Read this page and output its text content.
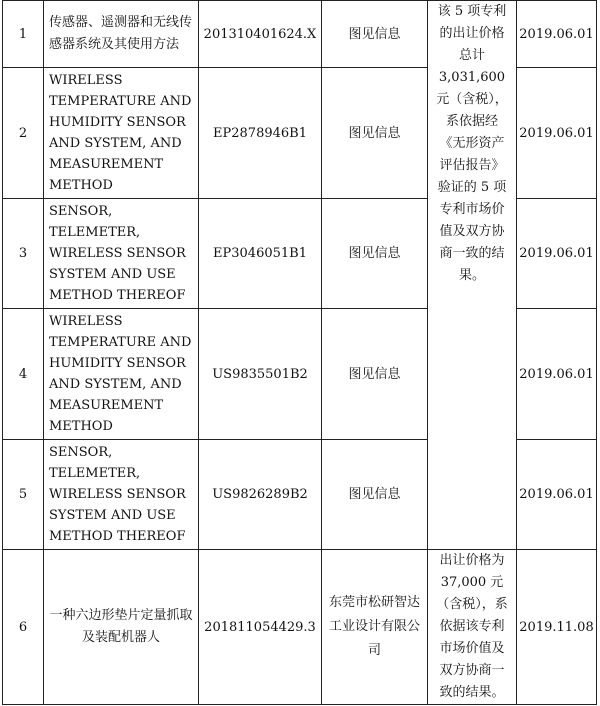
1	传感器、遥测器和无线传感器系统及其使用方法	201310401624.X	图见信息	该 5 项专利的出让价格总计 3,031,600 元（含税），系依据经《无形资产评估报告》验证的 5 项专利市场价值及双方协商一致的结果。	2019.06.01
2	WIRELESS TEMPERATURE AND HUMIDITY SENSOR AND SYSTEM, AND MEASUREMENT METHOD	EP2878946B1	图见信息		2019.06.01
3	SENSOR, TELEMETER, WIRELESS SENSOR SYSTEM AND USE METHOD THEREOF	EP3046051B1	图见信息		2019.06.01
4	WIRELESS TEMPERATURE AND HUMIDITY SENSOR AND SYSTEM, AND MEASUREMENT METHOD	US9835501B2	图见信息		2019.06.01
5	SENSOR, TELEMETER, WIRELESS SENSOR SYSTEM AND USE METHOD THEREOF	US9826289B2	图见信息		2019.06.01
6	一种六边形垫片定量抓取及装配机器人	201811054429.3	东莞市松研智达工业设计有限公司	出让价格为 37,000 元（含税），系依据该专利市场价值及双方协商一致的结果。	2019.11.08
